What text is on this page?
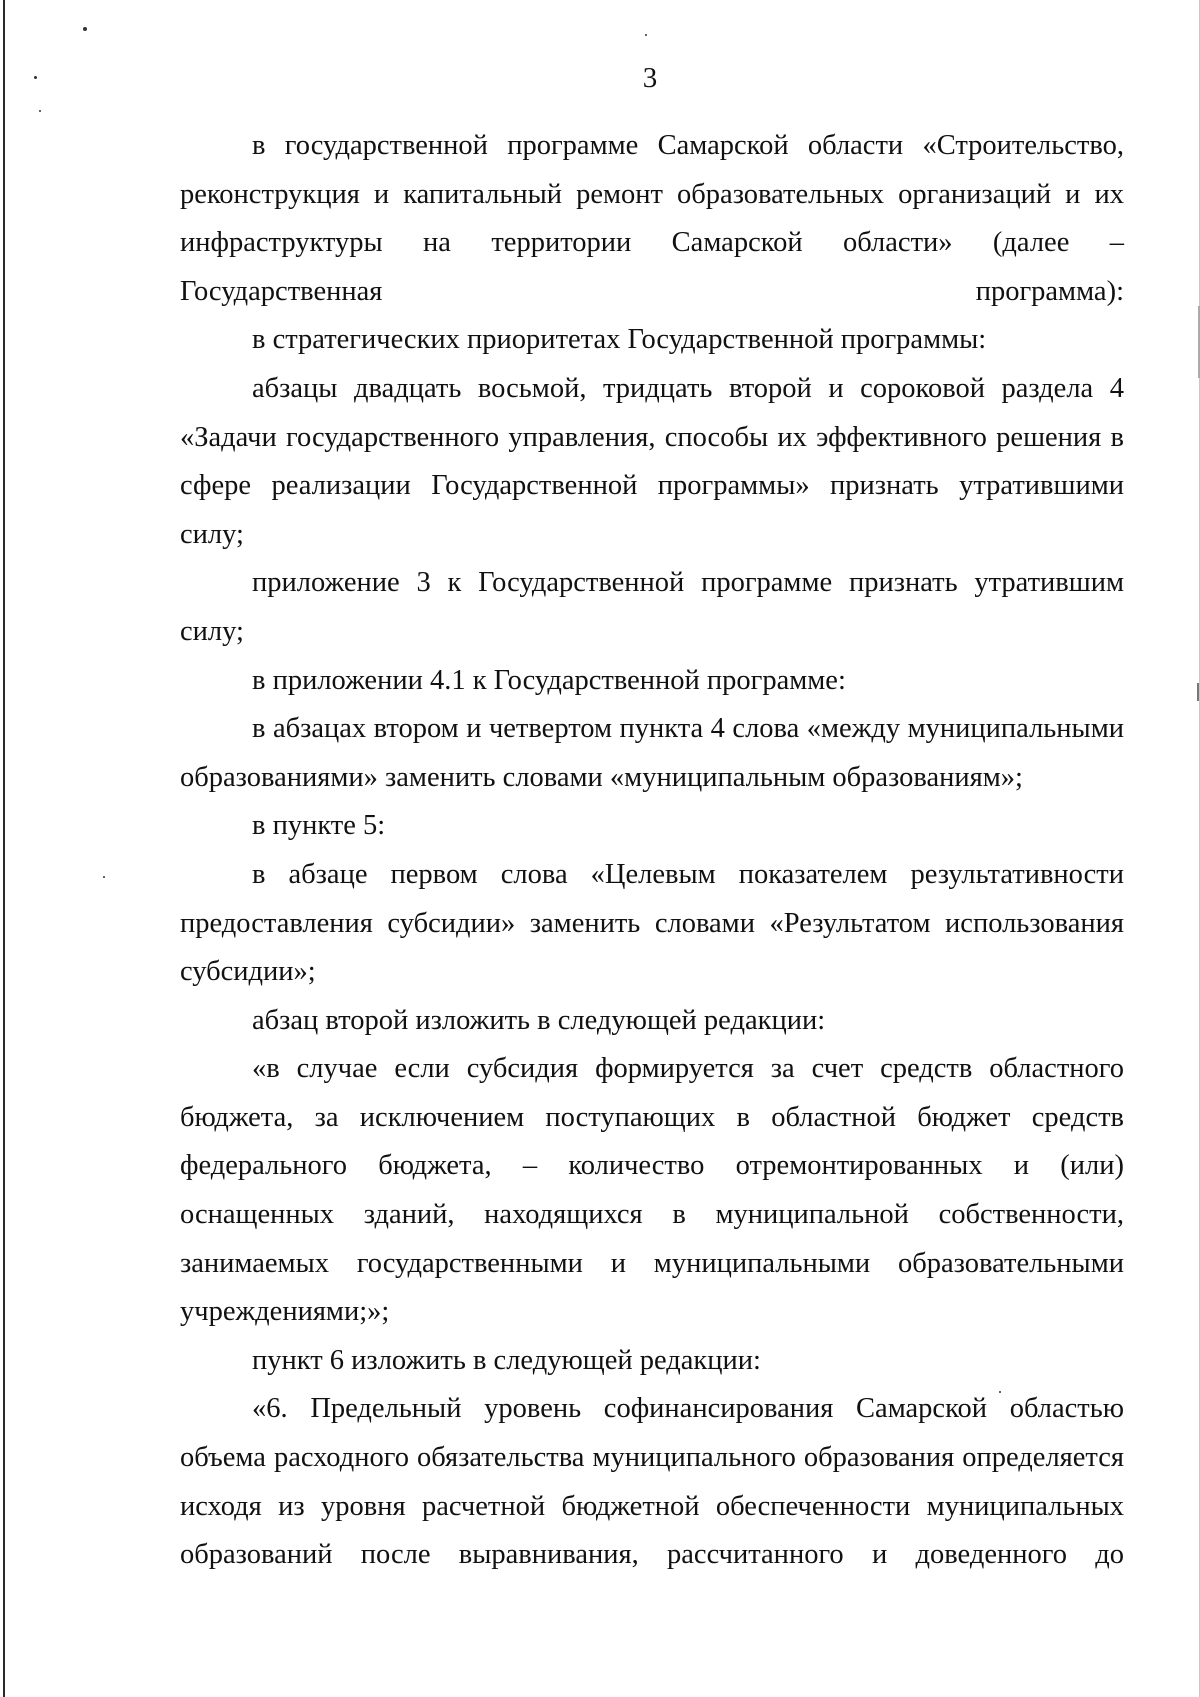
3

в государственной программе Самарской области «Строительство, реконструкция и капитальный ремонт образовательных организаций и их инфраструктуры на территории Самарской области» (далее – Государственная программа):

в стратегических приоритетах Государственной программы:

абзацы двадцать восьмой, тридцать второй и сороковой раздела 4 «Задачи государственного управления, способы их эффективного решения в сфере реализации Государственной программы» признать утратившими силу;

приложение 3 к Государственной программе признать утратившим силу;

в приложении 4.1 к Государственной программе:

в абзацах втором и четвертом пункта 4 слова «между муниципальными образованиями» заменить словами «муниципальным образованиям»;

в пункте 5:

в абзаце первом слова «Целевым показателем результативности предоставления субсидии» заменить словами «Результатом использования субсидии»;

абзац второй изложить в следующей редакции:

«в случае если субсидия формируется за счет средств областного бюджета, за исключением поступающих в областной бюджет средств федерального бюджета, – количество отремонтированных и (или) оснащенных зданий, находящихся в муниципальной собственности, занимаемых государственными и муниципальными образовательными учреждениями;»;

пункт 6 изложить в следующей редакции:

«6. Предельный уровень софинансирования Самарской областью объема расходного обязательства муниципального образования определяется исходя из уровня расчетной бюджетной обеспеченности муниципальных образований после выравнивания, рассчитанного и доведенного до
